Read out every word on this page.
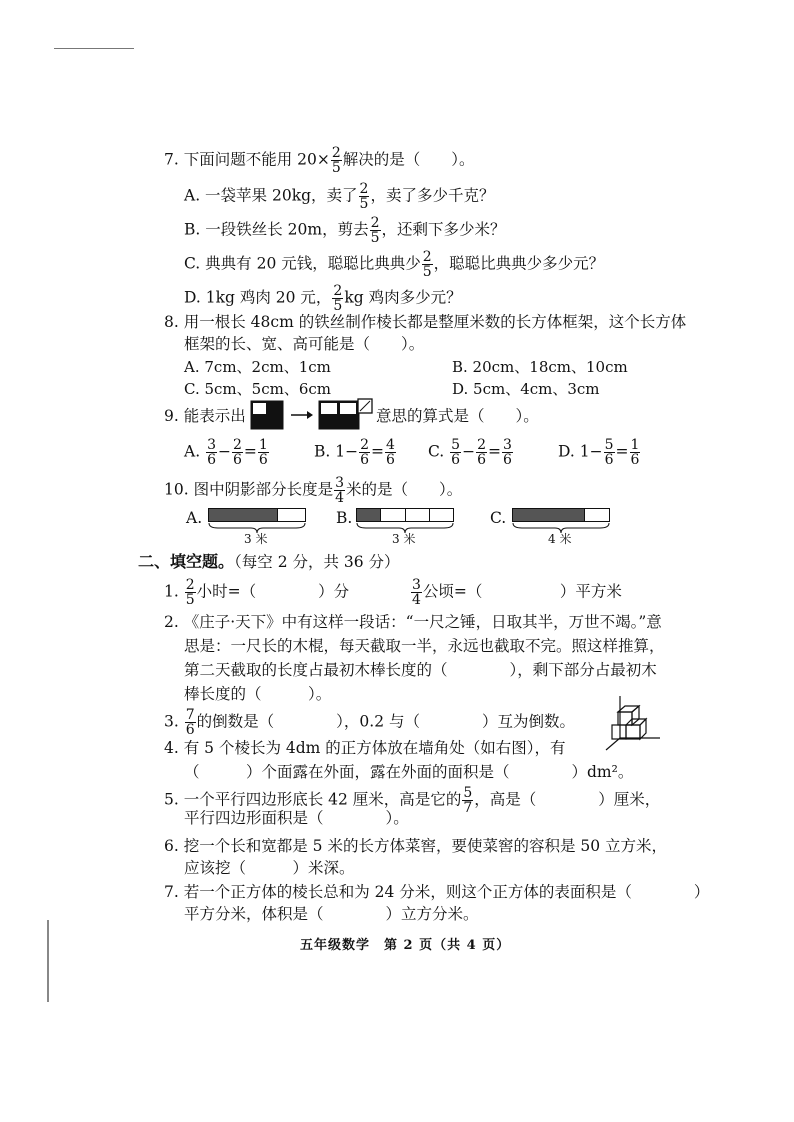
7. 下面问题不能用 $20\times \frac{2}{5}$ 解决的是（　　）。
A. 一袋苹果 20kg，卖了 $\frac{2}{5}$ ，卖了多少千克？
B. 一段铁丝长 20m，剪去 $\frac{2}{5}$ ，还剩下多少米？
C. 典典有 20 元钱，聪聪比典典少 $\frac{2}{5}$ ，聪聪比典典少多少元？
D. 1kg 鸡肉 20 元， $\frac{2}{5}$ kg 鸡肉多少元？
8. 用一根长 48cm 的铁丝制作棱长都是整厘米数的长方体框架，这个长方体
框架的长、宽、高可能是（　　）。
A. 7cm、2cm、1cm	B. 20cm、18cm、10cm
C. 5cm、5cm、6cm	D. 5cm、4cm、3cm
9. 能表示出	意思的算式是（　　）。
A. $\frac{3}{6} - \frac{2}{6} = \frac{1}{6}$	B. $1- \frac{2}{6} = \frac{4}{6} C$. $\frac{5}{6} - \frac{2}{6} = \frac{3}{6}$	D. $1- \frac{5}{6} = \frac{1}{6}$
10. 图中阴影部分长度是 $\frac{3}{4}$ 米的是（　　）。
A.
3 米
B.
3 米
C.
4 米
二、填空题。（每空 2 分，共 36 分）
1. $\frac{2}{5}$ 小时=（　　　　）分	$\frac{3}{4}$ 公顷=（　　　　　）平方米
2. 《庄子·天下》中有这样一段话：“一尺之锤，日取其半，万世不竭。”意
思是：一尺长的木棍，每天截取一半，永远也截取不完。照这样推算，
第二天截取的长度占最初木棒长度的（　　　　），剩下部分占最初木
棒长度的（　　　）。
3. $\frac{7}{6}$ 的倒数是（　　　　），0.2 与（　　　　）互为倒数。
4. 有 5 个棱长为 4dm 的正方体放在墙角处（如右图），有
（　　　）个面露在外面，露在外面的面积是（　　　　）dm²。
5. 一个平行四边形底长 42 厘米，高是它的 $\frac{5}{7}$ ，高是（　　　　）厘米，
平行四边形面积是（　　　　）。
6. 挖一个长和宽都是 5 米的长方体菜窖，要使菜窖的容积是 50 立方米，
应该挖（　　　）米深。
7. 若一个正方体的棱长总和为 24 分米，则这个正方体的表面积是（　　　　）
平方分米，体积是（　　　　）立方分米。
五年级数学　第 2 页（共 4 页）
